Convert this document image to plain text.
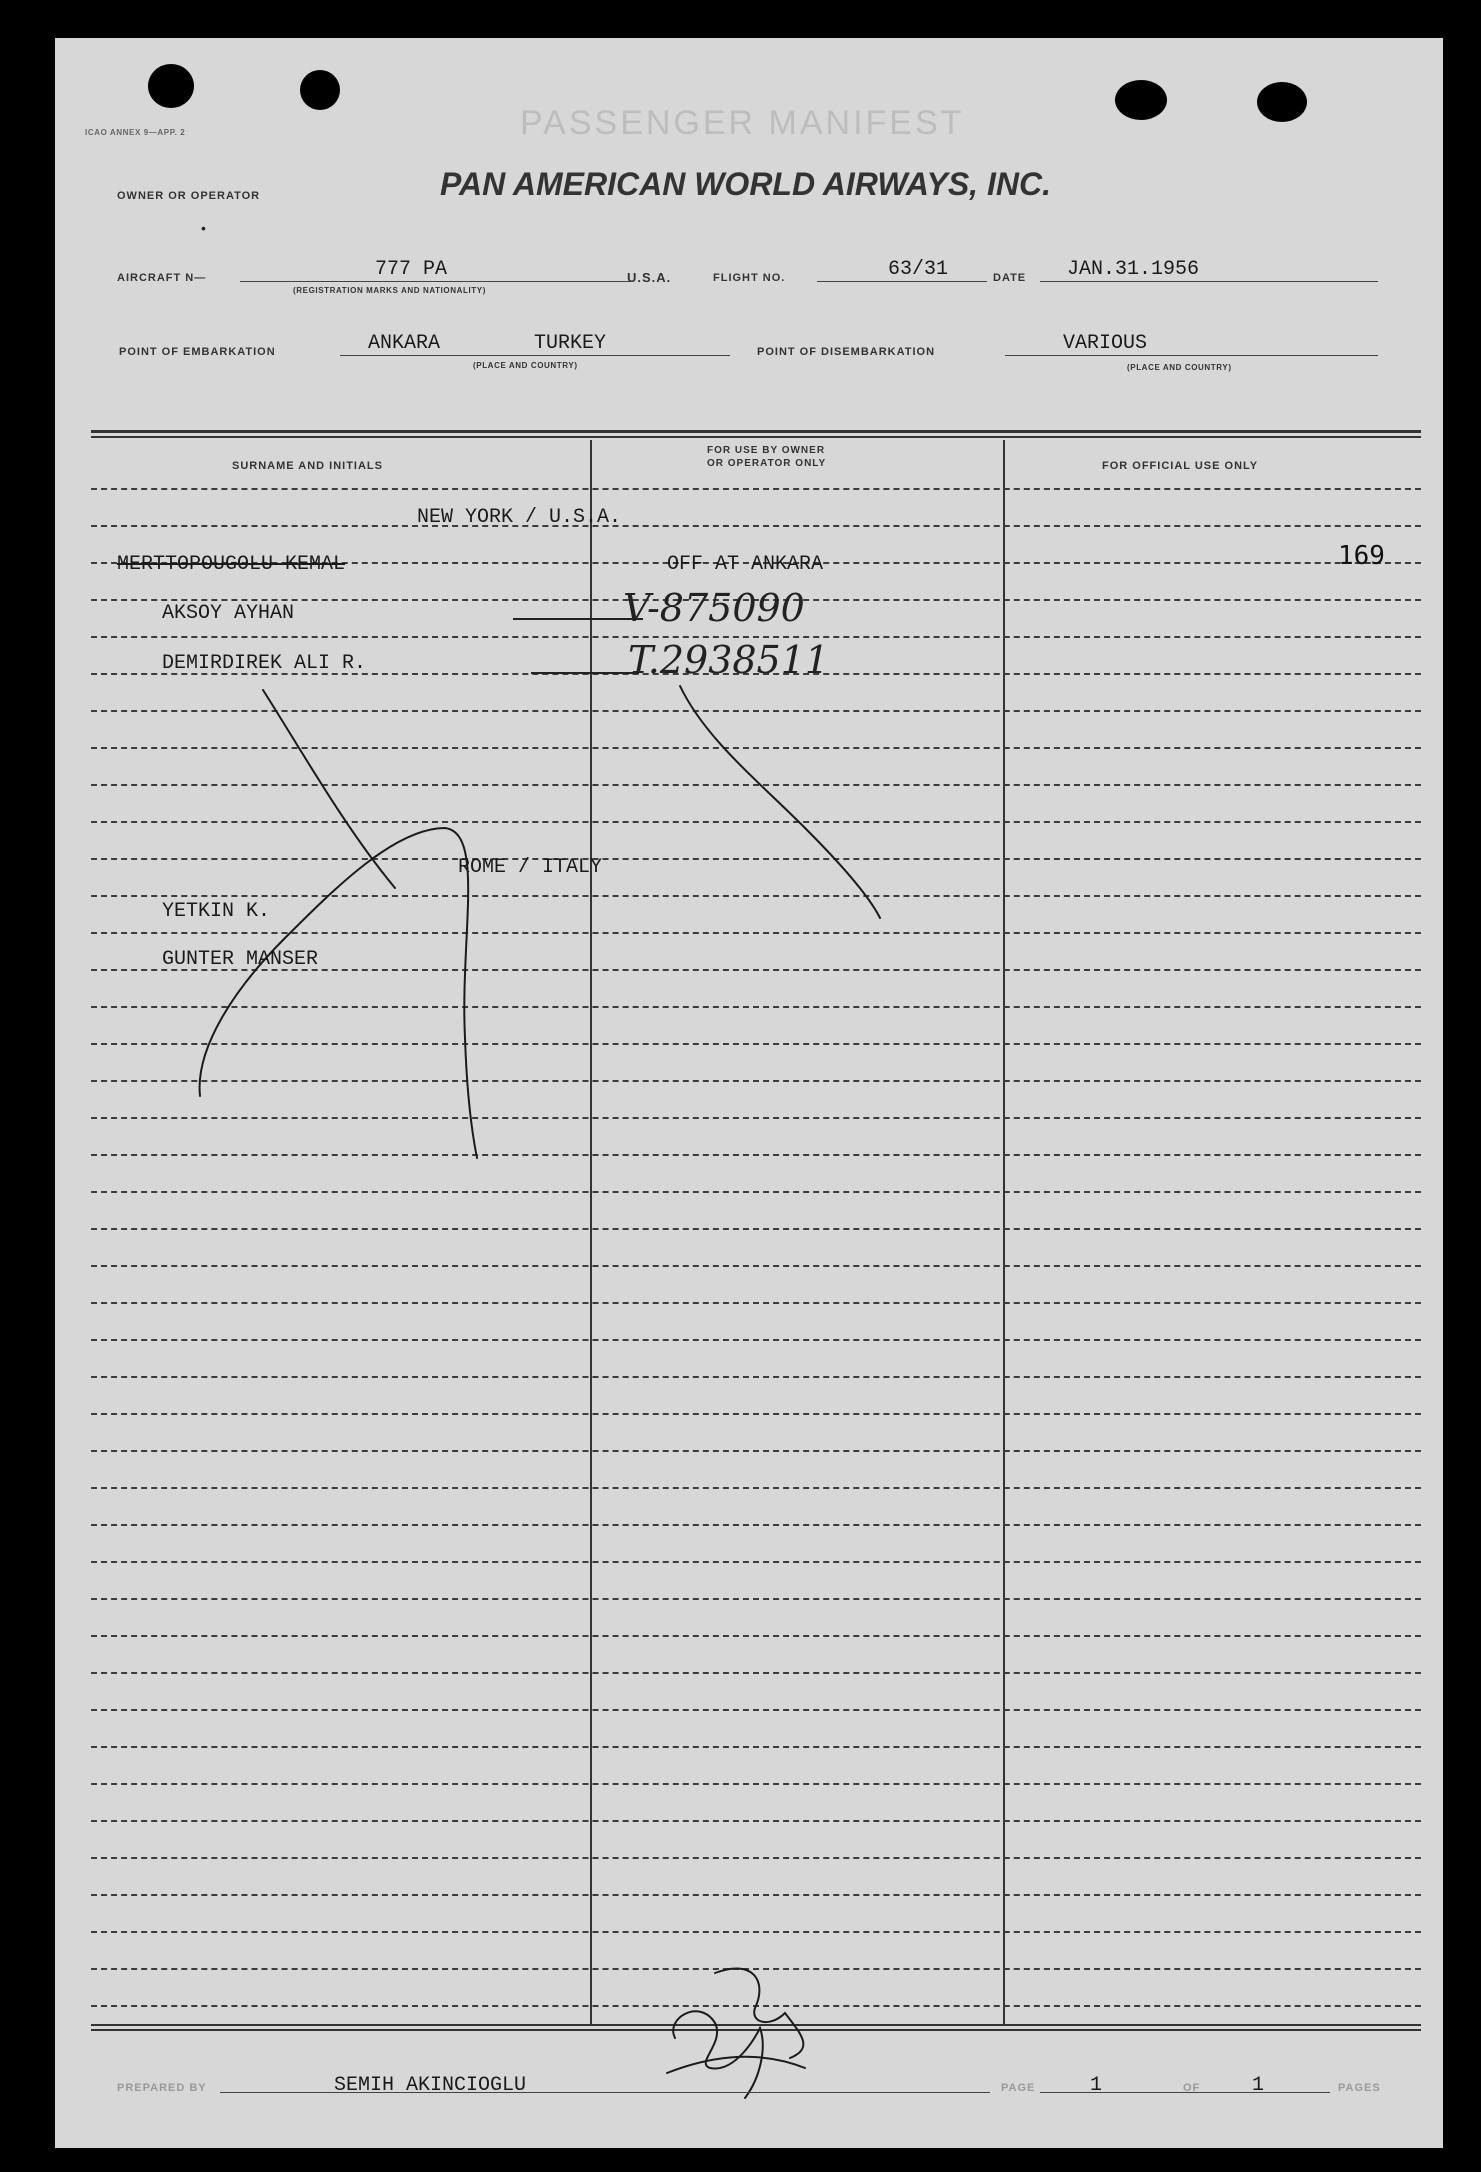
ICAO ANNEX 9—APP. 2	PASSENGER MANIFEST
OWNER OR OPERATOR	PAN AMERICAN WORLD AIRWAYS, INC.
•
AIRCRAFT N—	777 PA
(REGISTRATION MARKS AND NATIONALITY)
U.S.A.	FLIGHT NO.	63/31	DATE JAN.31.1956
POINT OF EMBARKATION	ANKARA	TURKEY
(PLACE AND COUNTRY)
POINT OF DISEMBARKATION	VARIOUS
(PLACE AND COUNTRY)
SURNAME AND INITIALS
FOR USE BY OWNER
OR OPERATOR ONLY	FOR OFFICIAL USE ONLY
NEW YORK / U.S.A.
MERTTOPOUGOLU KEMAL	OFF AT ANKARA	169
AKSOY AYHAN	V-875090
DEMIRDIREK ALI R.	T.2938511
ROME / ITALY
YETKIN K.
GUNTER MANSER
PREPARED BY	SEMIH AKINCIOGLU	PAGE	1	OF	1	PAGES
